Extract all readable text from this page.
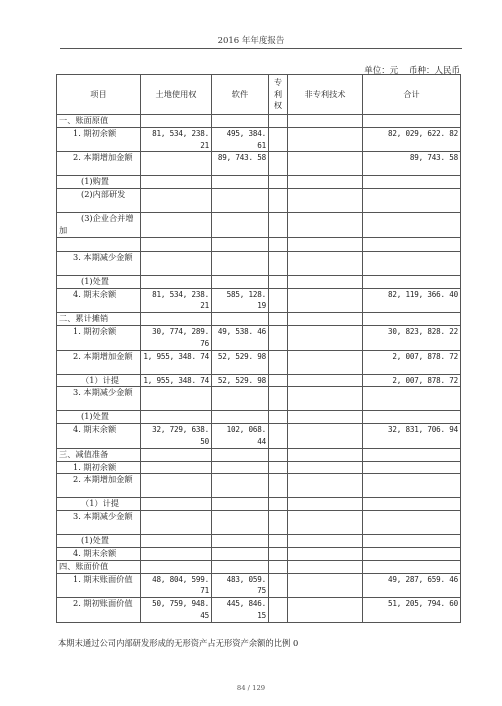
2016 年年度报告
单位：元 币种：人民币
项目	土地使用权	软件	专利权	非专利技术	合计
一、账面原值					
1. 期初余额	81, 534, 238. 21	495, 384. 61			82, 029, 622. 82
2. 本期增加金额		89, 743. 58			89, 743. 58
(1)购置					
(2)内部研发					
(3)企业合并增加					

3. 本期减少金额					
(1)处置					
4. 期末余额	81, 534, 238. 21	585, 128. 19			82, 119, 366. 40
二、累计摊销					
1. 期初余额	30, 774, 289. 76	49, 538. 46			30, 823, 828. 22
2. 本期增加金额	1, 955, 348. 74	52, 529. 98			2, 007, 878. 72
（1）计提	1, 955, 348. 74	52, 529. 98			2, 007, 878. 72
3. 本期减少金额					
(1)处置					
4. 期末余额	32, 729, 638. 50	102, 068. 44			32, 831, 706. 94
三、减值准备					
1. 期初余额					
2. 本期增加金额					
（1）计提					
3. 本期减少金额					
(1)处置					
4. 期末余额					
四、账面价值					
1. 期末账面价值	48, 804, 599. 71	483, 059. 75			49, 287, 659. 46
2. 期初账面价值	50, 759, 948. 45	445, 846. 15			51, 205, 794. 60
本期末通过公司内部研发形成的无形资产占无形资产余额的比例 0
84 / 129
